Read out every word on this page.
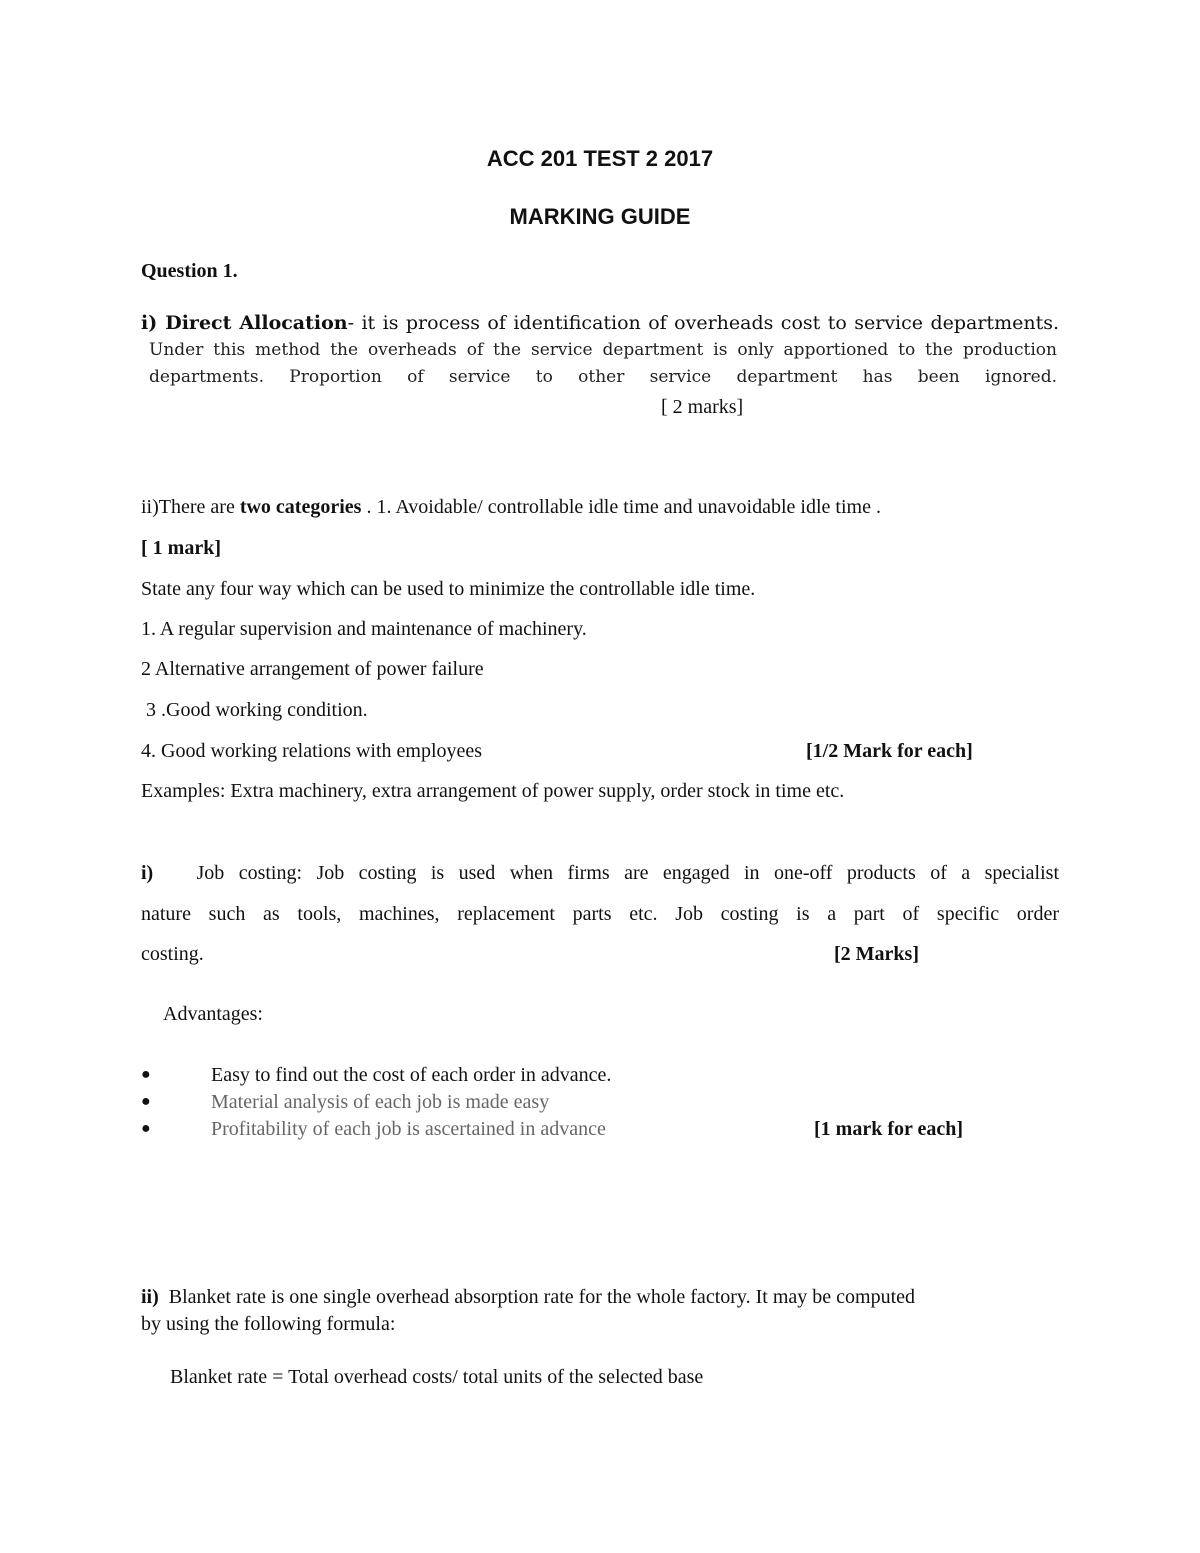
ACC 201 TEST 2 2017
MARKING GUIDE
Question 1.
i) Direct Allocation- it is process of identification of overheads cost to service departments.
Under this method the overheads of the service department is only apportioned to the production
departments. Proportion of service to other service department has been ignored.
[ 2 marks]
ii)There are two categories . 1. Avoidable/ controllable idle time and unavoidable idle time .
[ 1 mark]
State any four way which can be used to minimize the controllable idle time.
1. A regular supervision and maintenance of machinery.
2 Alternative arrangement of power failure
3 .Good working condition.
4. Good working relations with employees	[1/2 Mark for each]
Examples: Extra machinery, extra arrangement of power supply, order stock in time etc.
i) Job costing: Job costing is used when firms are engaged in one-off products of a specialist
nature such as tools, machines, replacement parts etc. Job costing is a part of specific order
costing.	[2 Marks]
Advantages:
●	Easy to find out the cost of each order in advance.
●	Material analysis of each job is made easy
●	Profitability of each job is ascertained in advance	[1 mark for each]
ii) Blanket rate is one single overhead absorption rate for the whole factory. It may be computed
by using the following formula:
Blanket rate = Total overhead costs/ total units of the selected base
